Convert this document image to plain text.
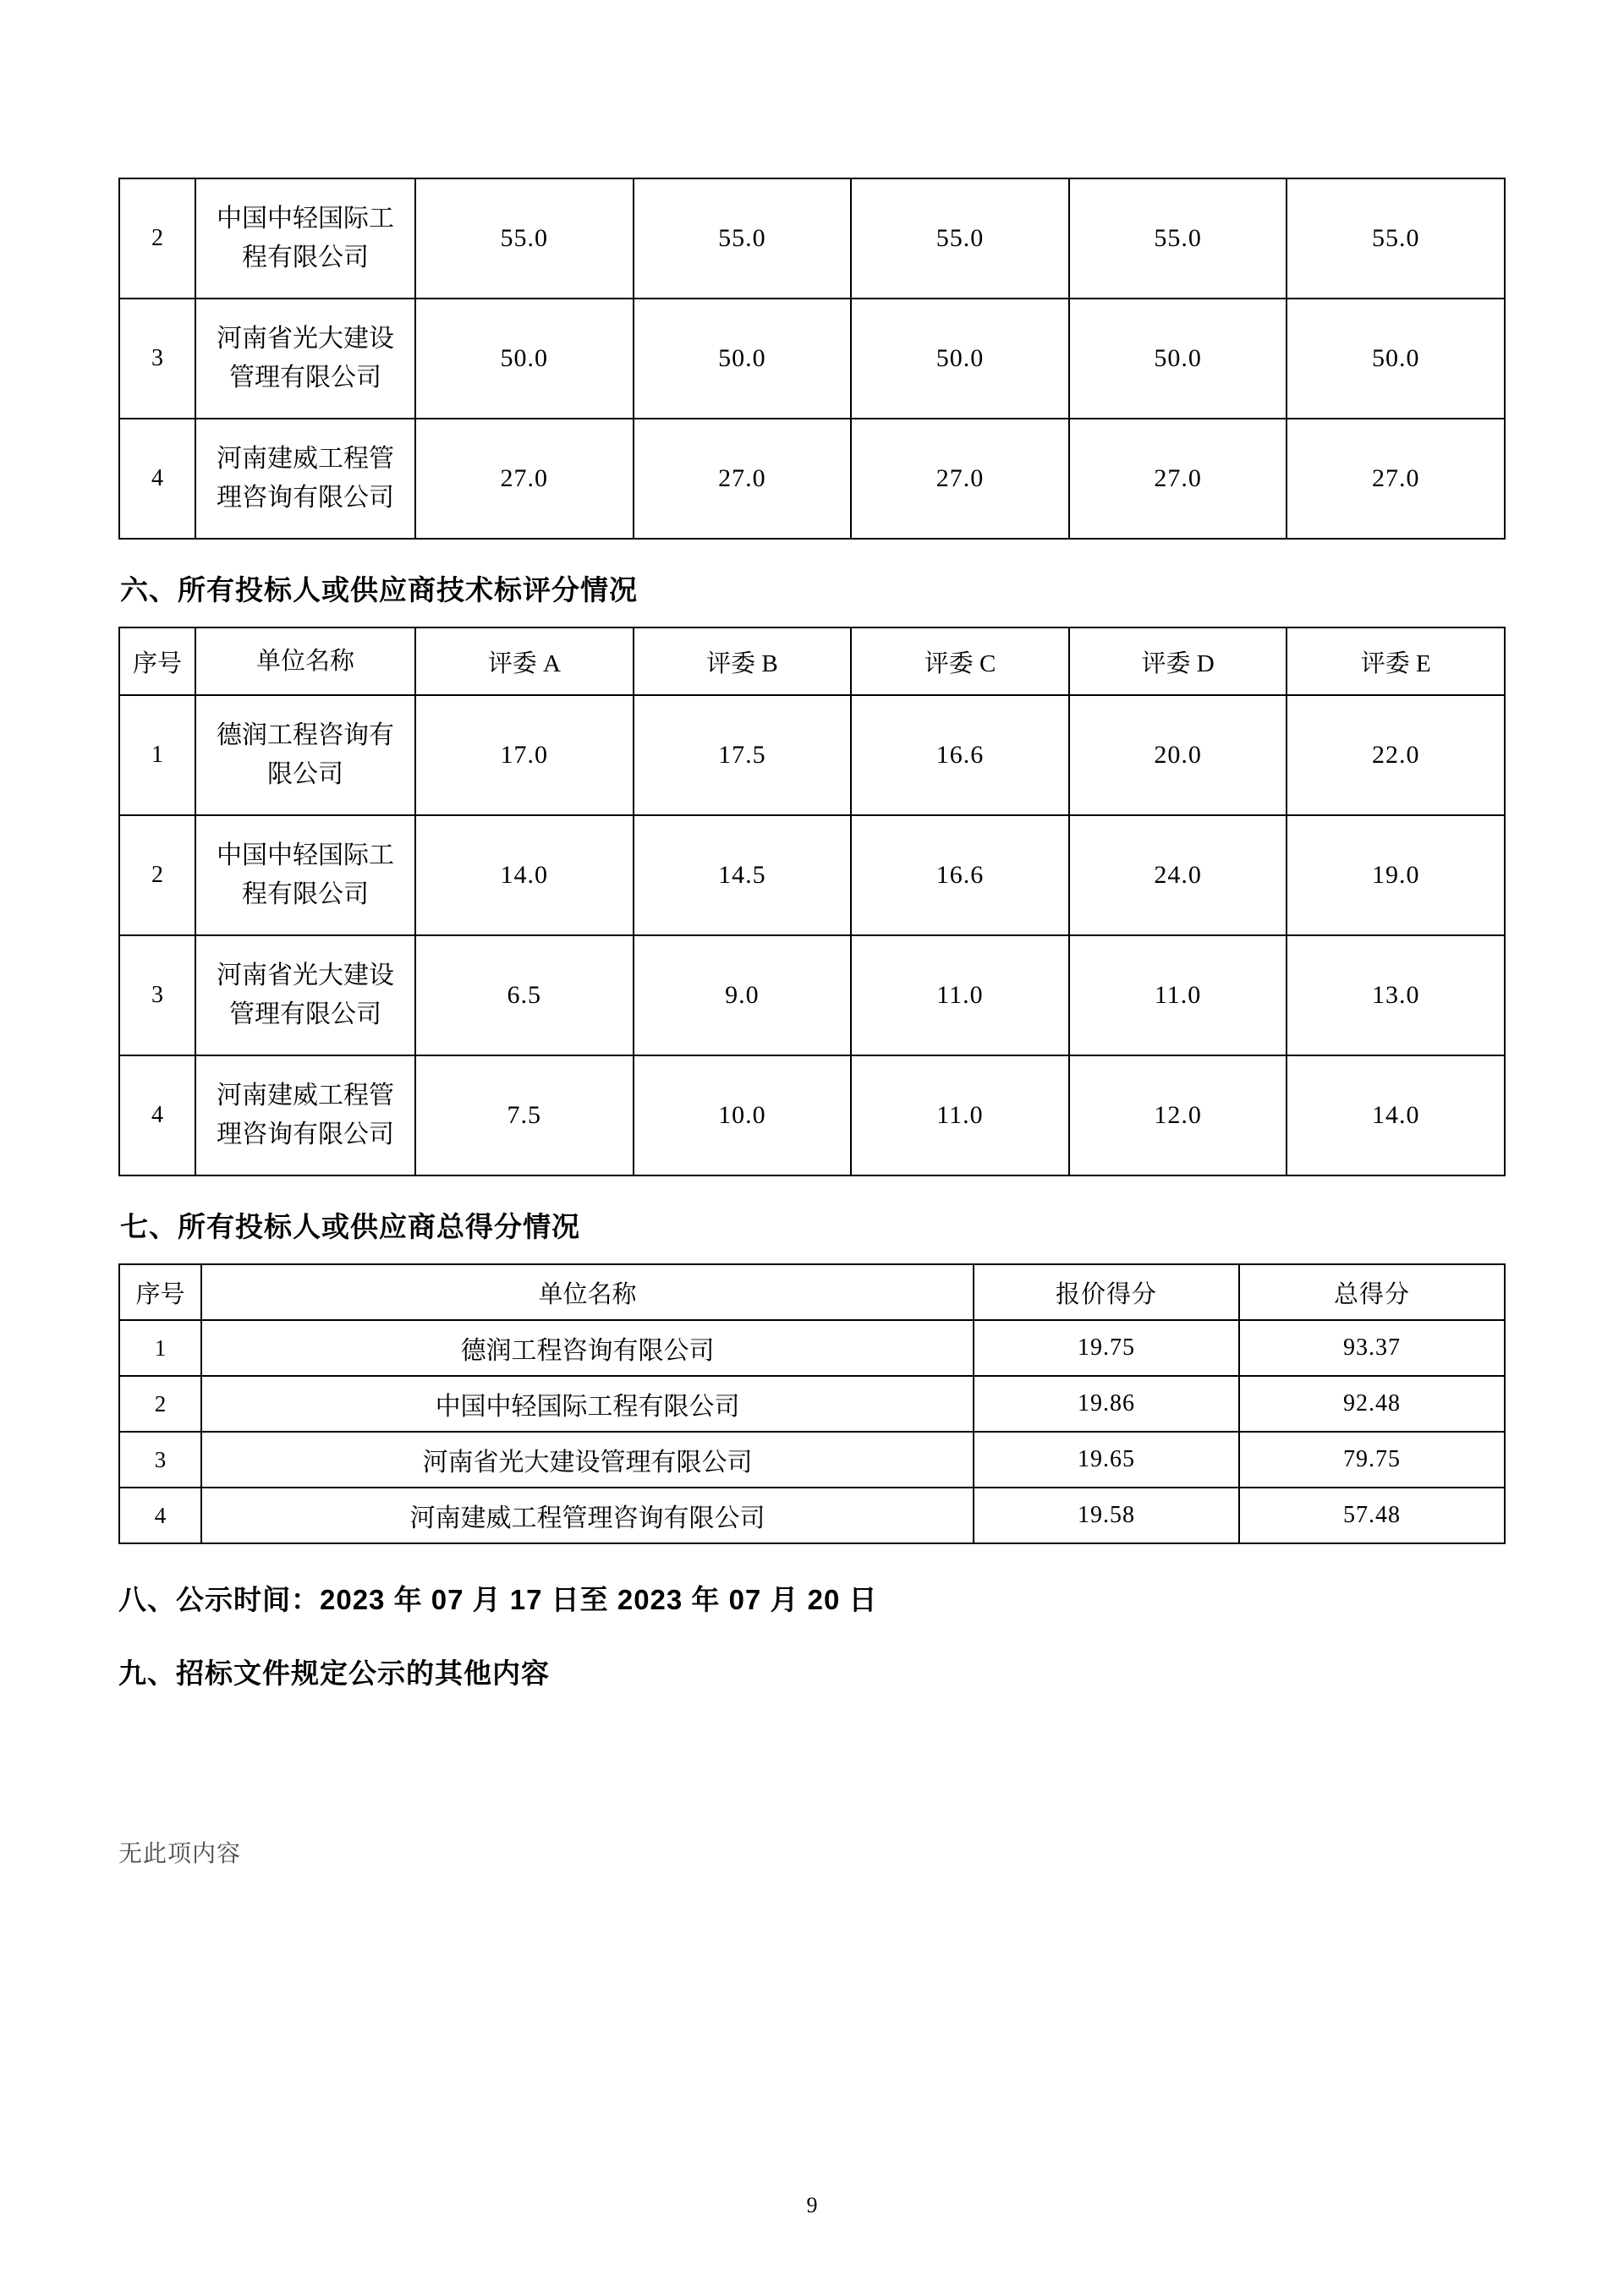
2	中国中轻国际工程有限公司	55.0	55.0	55.0	55.0	55.0
3	河南省光大建设管理有限公司	50.0	50.0	50.0	50.0	50.0
4	河南建威工程管理咨询有限公司	27.0	27.0	27.0	27.0	27.0
六、所有投标人或供应商技术标评分情况
序号	单位名称	评委 A	评委 B	评委 C	评委 D	评委 E
1	德润工程咨询有限公司	17.0	17.5	16.6	20.0	22.0
2	中国中轻国际工程有限公司	14.0	14.5	16.6	24.0	19.0
3	河南省光大建设管理有限公司	6.5	9.0	11.0	11.0	13.0
4	河南建威工程管理咨询有限公司	7.5	10.0	11.0	12.0	14.0
七、所有投标人或供应商总得分情况
序号	单位名称	报价得分	总得分
1	德润工程咨询有限公司	19.75	93.37
2	中国中轻国际工程有限公司	19.86	92.48
3	河南省光大建设管理有限公司	19.65	79.75
4	河南建威工程管理咨询有限公司	19.58	57.48

八、公示时间：2023 年 07 月 17 日至 2023 年 07 月 20 日

九、招标文件规定公示的其他内容

无此项内容

9
